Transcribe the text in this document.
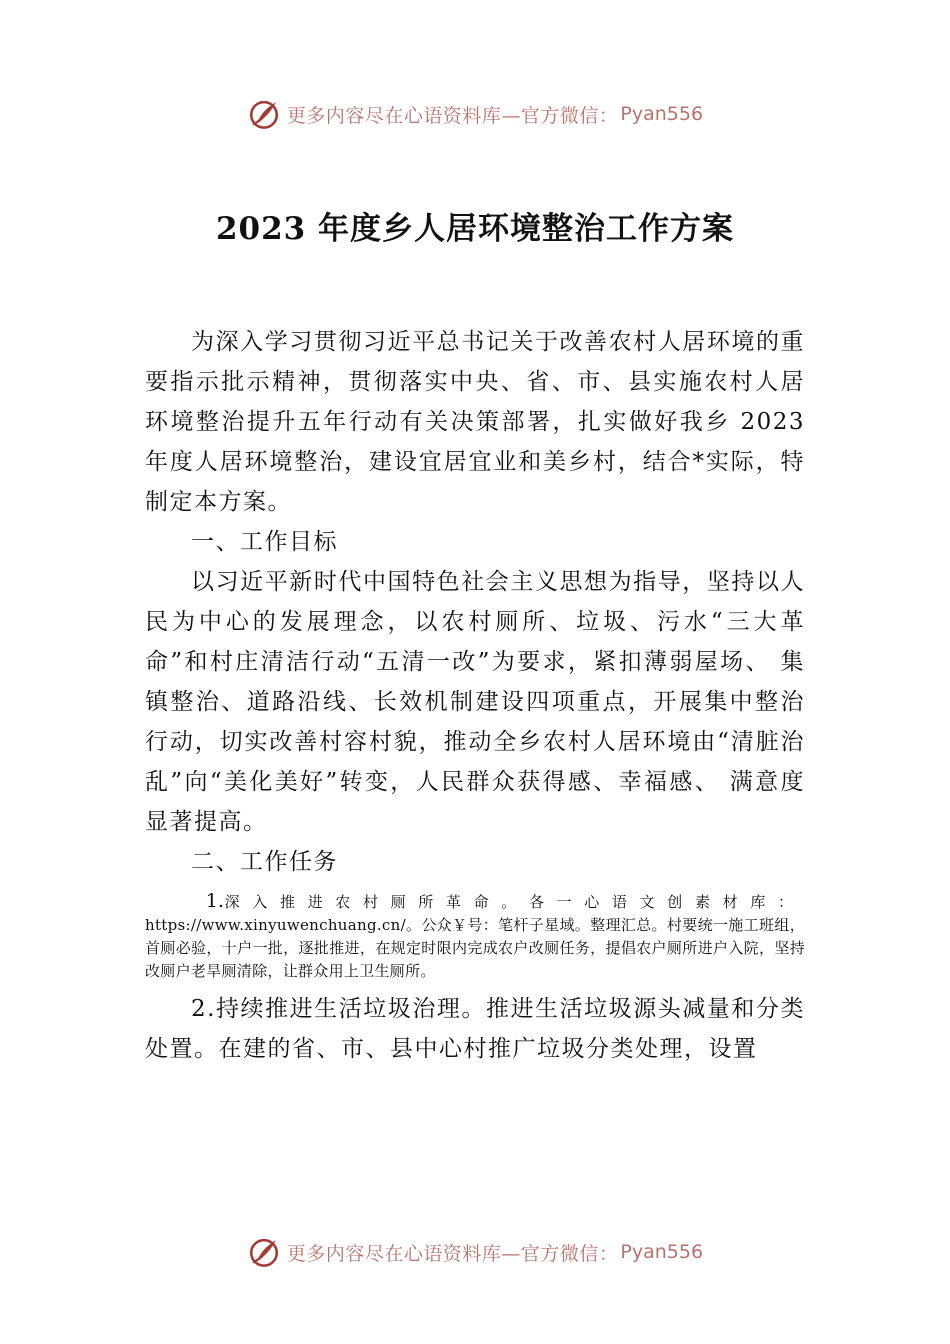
更多内容尽在心语资料库—官方微信： Pyan556
2023 年度乡人居环境整治工作方案

为深入学习贯彻习近平总书记关于改善农村人居环境的重要指示批示精神，贯彻落实中央、省、市、县实施农村人居环境整治提升五年行动有关决策部署，扎实做好我乡 2023 年度人居环境整治，建设宜居宜业和美乡村，结合*实际，特制定本方案。

一、工作目标

以习近平新时代中国特色社会主义思想为指导，坚持以人民为中心的发展理念，以农村厕所、垃圾、污水“三大革命”和村庄清洁行动“五清一改”为要求，紧扣薄弱屋场、 集镇整治、道路沿线、长效机制建设四项重点，开展集中整治行动，切实改善村容村貌，推动全乡农村人居环境由“清脏治乱”向“美化美好”转变，人民群众获得感、幸福感、 满意度显著提高。

二、工作任务

1.深入推进农村厕所革命。各一心语文创素材库：https://www.xinyuwenchuang.cn/。公众￥号：笔杆子星域。整理汇总。村要统一施工班组，首厕必验，十户一批，逐批推进，在规定时限内完成农户改厕任务，提倡农户厕所进户入院，坚持改厕户老旱厕清除，让群众用上卫生厕所。

2.持续推进生活垃圾治理。推进生活垃圾源头减量和分类处置。在建的省、市、县中心村推广垃圾分类处理，设置

更多内容尽在心语资料库—官方微信： Pyan556
